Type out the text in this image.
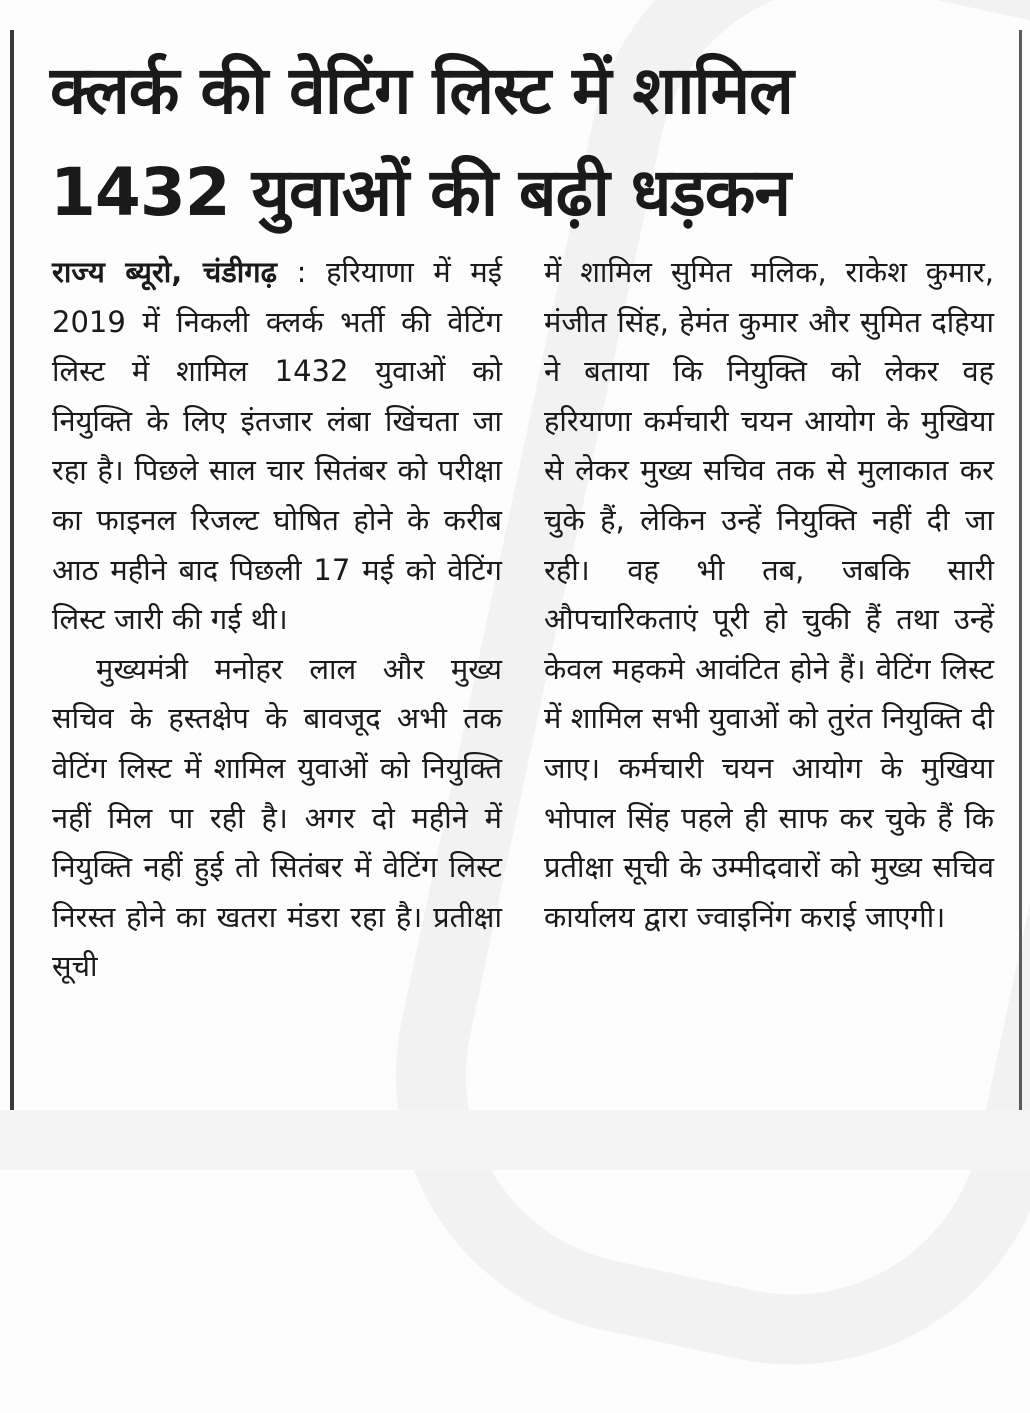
क्लर्क की वेटिंग लिस्ट में शामिल
1432 युवाओं की बढ़ी धड़कन

राज्य ब्यूरो, चंडीगढ़ : हरियाणा में मई 2019 में निकली क्लर्क भर्ती की वेटिंग लिस्ट में शामिल 1432 युवाओं को नियुक्ति के लिए इंतजार लंबा खिंचता जा रहा है। पिछले साल चार सितंबर को परीक्षा का फाइनल रिजल्ट घोषित होने के करीब आठ महीने बाद पिछली 17 मई को वेटिंग लिस्ट जारी की गई थी।

मुख्यमंत्री मनोहर लाल और मुख्य सचिव के हस्तक्षेप के बावजूद अभी तक वेटिंग लिस्ट में शामिल युवाओं को नियुक्ति नहीं मिल पा रही है। अगर दो महीने में नियुक्ति नहीं हुई तो सितंबर में वेटिंग लिस्ट निरस्त होने का खतरा मंडरा रहा है। प्रतीक्षा सूची

में शामिल सुमित मलिक, राकेश कुमार, मंजीत सिंह, हेमंत कुमार और सुमित दहिया ने बताया कि नियुक्ति को लेकर वह हरियाणा कर्मचारी चयन आयोग के मुखिया से लेकर मुख्य सचिव तक से मुलाकात कर चुके हैं, लेकिन उन्हें नियुक्ति नहीं दी जा रही। वह भी तब, जबकि सारी औपचारिकताएं पूरी हो चुकी हैं तथा उन्हें केवल महकमे आवंटित होने हैं। वेटिंग लिस्ट में शामिल सभी युवाओं को तुरंत नियुक्ति दी जाए। कर्मचारी चयन आयोग के मुखिया भोपाल सिंह पहले ही साफ कर चुके हैं कि प्रतीक्षा सूची के उम्मीदवारों को मुख्य सचिव कार्यालय द्वारा ज्वाइनिंग कराई जाएगी।
